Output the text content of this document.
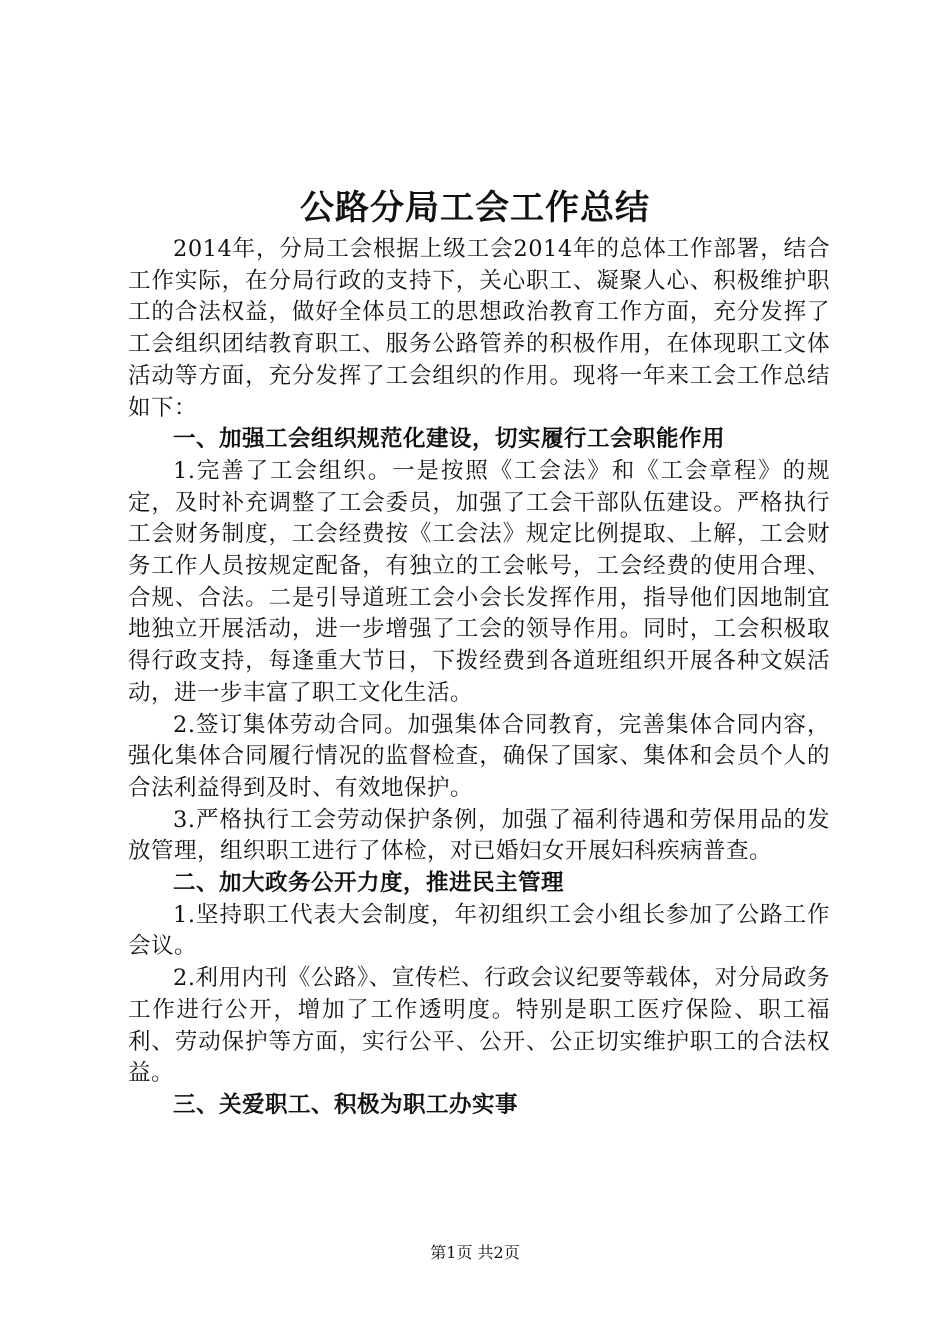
公路分局工会工作总结

2014年，分局工会根据上级工会2014年的总体工作部署，结合工作实际，在分局行政的支持下，关心职工、凝聚人心、积极维护职工的合法权益，做好全体员工的思想政治教育工作方面，充分发挥了工会组织团结教育职工、服务公路管养的积极作用，在体现职工文体活动等方面，充分发挥了工会组织的作用。现将一年来工会工作总结如下：

一、加强工会组织规范化建设，切实履行工会职能作用

1.完善了工会组织。一是按照《工会法》和《工会章程》的规定，及时补充调整了工会委员，加强了工会干部队伍建设。严格执行工会财务制度，工会经费按《工会法》规定比例提取、上解，工会财务工作人员按规定配备，有独立的工会帐号，工会经费的使用合理、合规、合法。二是引导道班工会小会长发挥作用，指导他们因地制宜地独立开展活动，进一步增强了工会的领导作用。同时，工会积极取得行政支持，每逢重大节日，下拨经费到各道班组织开展各种文娱活动，进一步丰富了职工文化生活。

2.签订集体劳动合同。加强集体合同教育，完善集体合同内容，强化集体合同履行情况的监督检查，确保了国家、集体和会员个人的合法利益得到及时、有效地保护。

3.严格执行工会劳动保护条例，加强了福利待遇和劳保用品的发放管理，组织职工进行了体检，对已婚妇女开展妇科疾病普查。

二、加大政务公开力度，推进民主管理

1.坚持职工代表大会制度，年初组织工会小组长参加了公路工作会议。

2.利用内刊《公路》、宣传栏、行政会议纪要等载体，对分局政务工作进行公开，增加了工作透明度。特别是职工医疗保险、职工福利、劳动保护等方面，实行公平、公开、公正切实维护职工的合法权益。

三、关爱职工、积极为职工办实事
第1页 共2页
